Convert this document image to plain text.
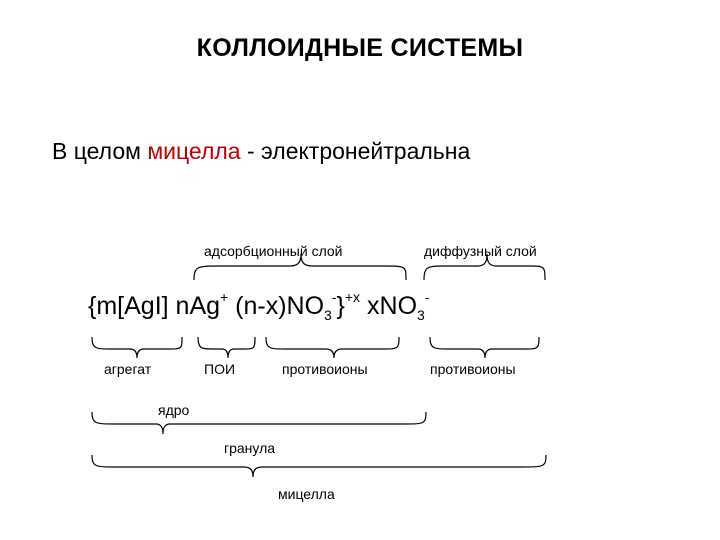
КОЛЛОИДНЫЕ СИСТЕМЫ
В целом мицелла - электронейтральна
адсорбционный слой	диффузный слой
{m[AgI] nAg+ $(n-x)NO_3^-\}^{+x}$ xNO$_3$-
агрегат	ПОИ	противоионы	противоионы
ядро
гранула
мицелла
